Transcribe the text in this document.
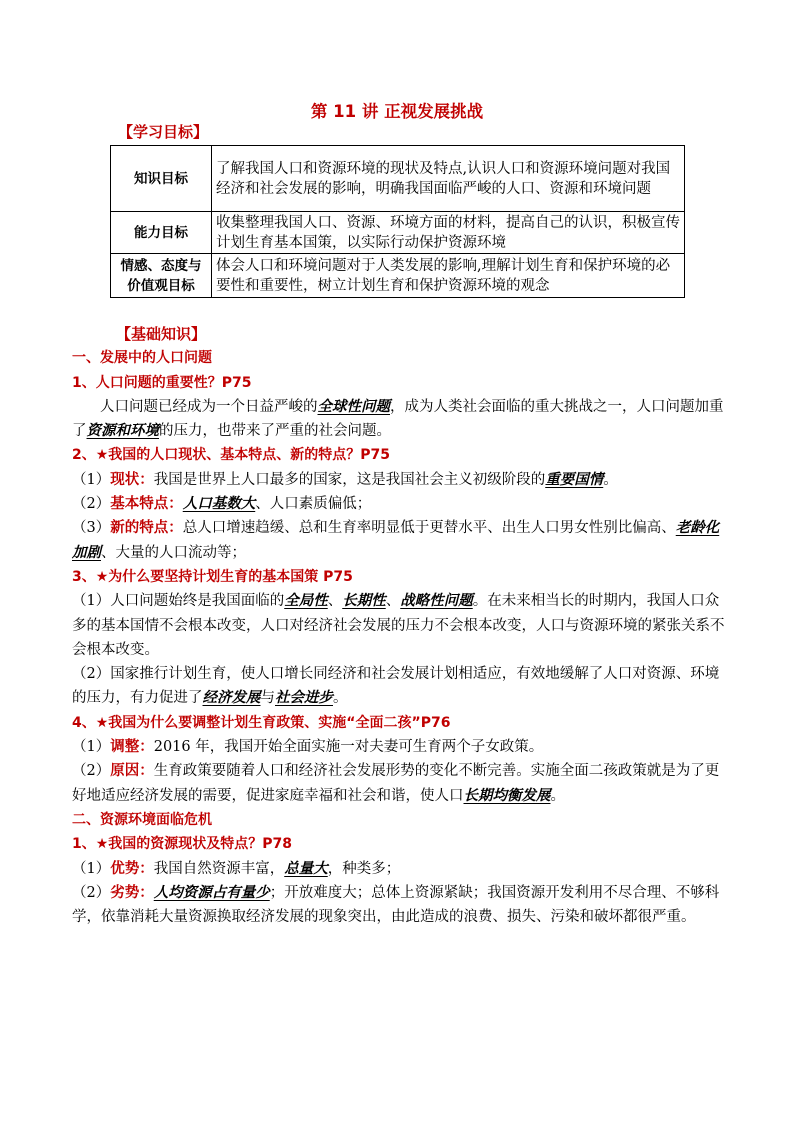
第 11 讲 正视发展挑战
【学习目标】
知识目标	了解我国人口和资源环境的现状及特点,认识人口和资源环境问题对我国经济和社会发展的影响，明确我国面临严峻的人口、资源和环境问题
能力目标	收集整理我国人口、资源、环境方面的材料，提高自己的认识，积极宣传计划生育基本国策，以实际行动保护资源环境
情感、态度与
价值观目标	体会人口和环境问题对于人类发展的影响,理解计划生育和保护环境的必要性和重要性，树立计划生育和保护资源环境的观念

【基础知识】

一、发展中的人口问题

1、人口问题的重要性？P75

人口问题已经成为一个日益严峻的全球性问题，成为人类社会面临的重大挑战之一，人口问题加重了资源和环境的压力，也带来了严重的社会问题。

2、★我国的人口现状、基本特点、新的特点？P75

（1）现状：我国是世界上人口最多的国家，这是我国社会主义初级阶段的重要国情。

（2）基本特点：人口基数大、人口素质偏低；

（3）新的特点：总人口增速趋缓、总和生育率明显低于更替水平、出生人口男女性别比偏高、老龄化加剧、大量的人口流动等；

3、★为什么要坚持计划生育的基本国策 P75

（1）人口问题始终是我国面临的全局性、长期性、战略性问题。在未来相当长的时期内，我国人口众多的基本国情不会根本改变，人口对经济社会发展的压力不会根本改变，人口与资源环境的紧张关系不会根本改变。

（2）国家推行计划生育，使人口增长同经济和社会发展计划相适应，有效地缓解了人口对资源、环境的压力，有力促进了经济发展与社会进步。

4、★我国为什么要调整计划生育政策、实施“全面二孩”P76

（1）调整：2016 年，我国开始全面实施一对夫妻可生育两个子女政策。

（2）原因：生育政策要随着人口和经济社会发展形势的变化不断完善。实施全面二孩政策就是为了更好地适应经济发展的需要，促进家庭幸福和社会和谐，使人口长期均衡发展。

二、资源环境面临危机

1、★我国的资源现状及特点？P78

（1）优势：我国自然资源丰富，总量大，种类多；

（2）劣势：人均资源占有量少；开放难度大；总体上资源紧缺；我国资源开发利用不尽合理、不够科学，依靠消耗大量资源换取经济发展的现象突出，由此造成的浪费、损失、污染和破坏都很严重。
